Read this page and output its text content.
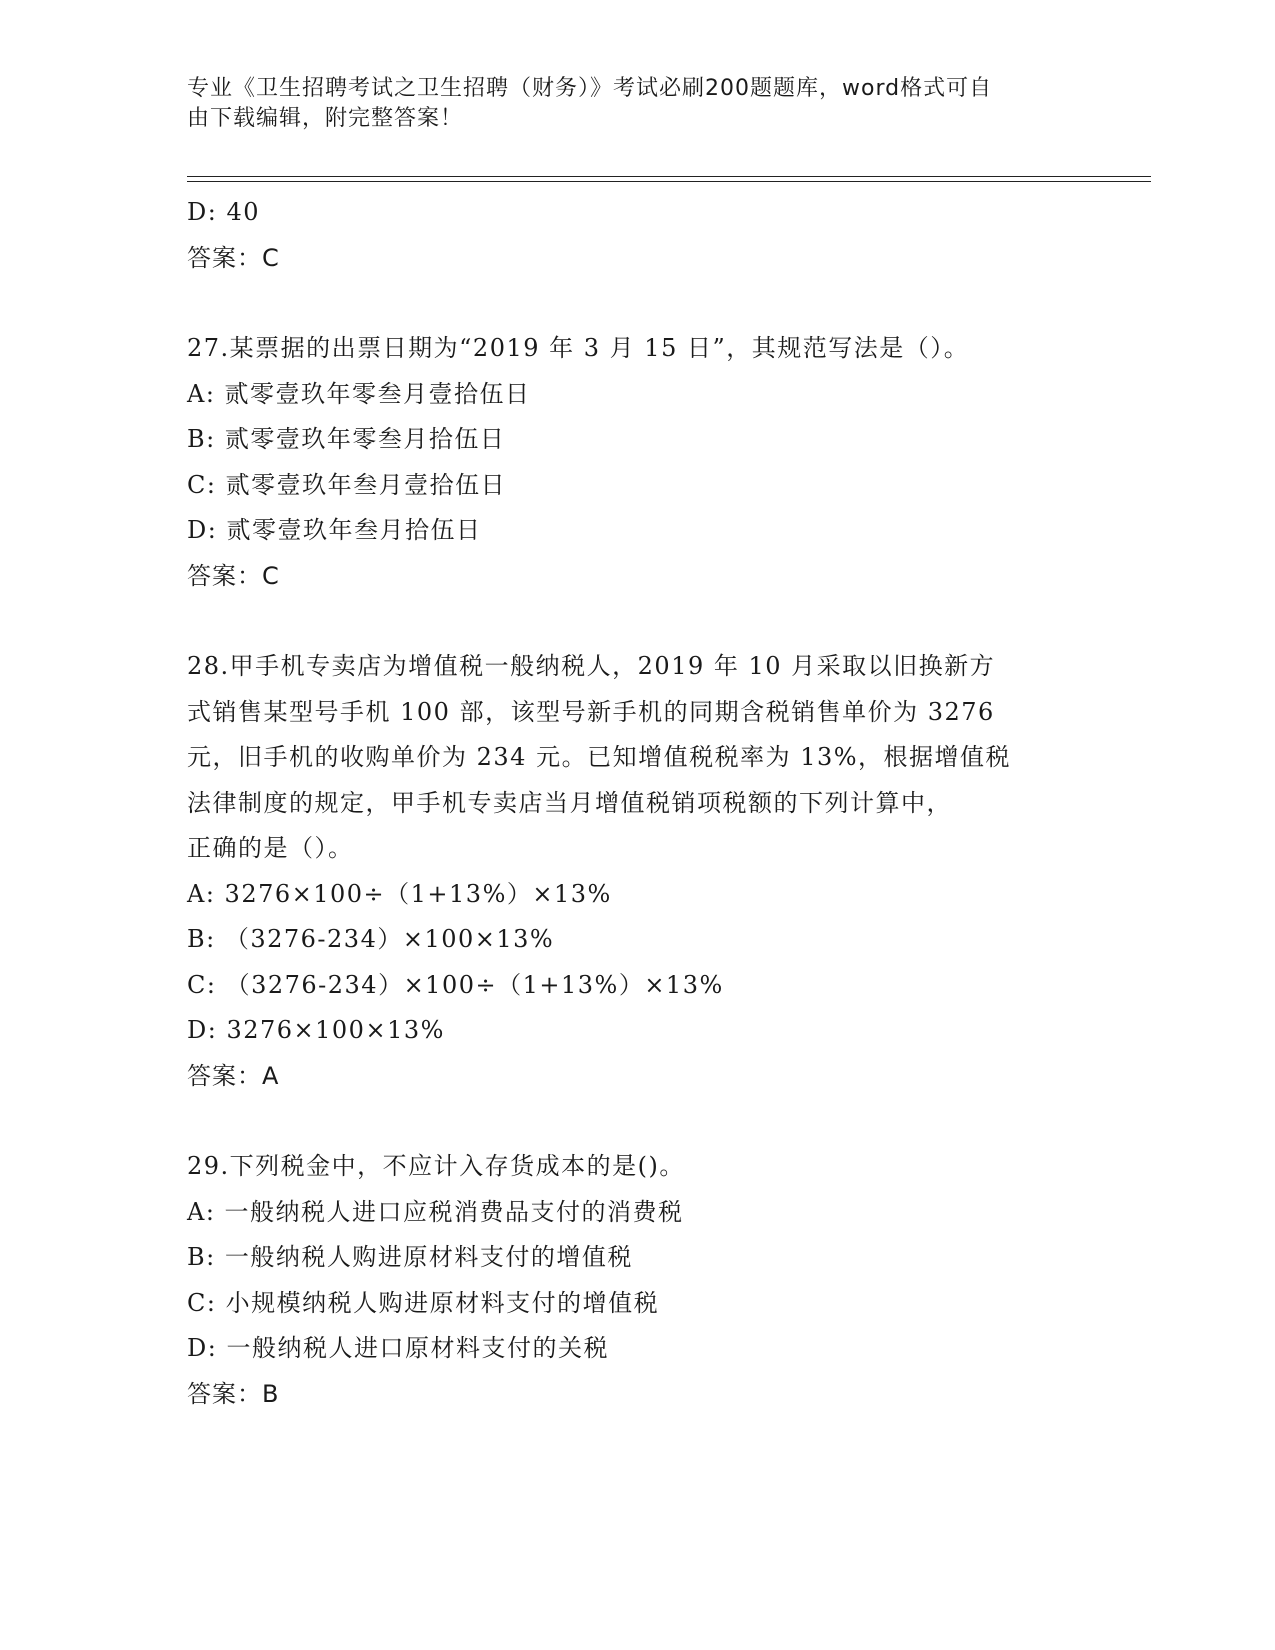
专业《卫生招聘考试之卫生招聘（财务）》考试必刷200题题库，word格式可自
由下载编辑，附完整答案！
D: 40
答案：C
27.某票据的出票日期为“2019 年 3 月 15 日”，其规范写法是（）。
A: 贰零壹玖年零叁月壹拾伍日
B: 贰零壹玖年零叁月拾伍日
C: 贰零壹玖年叁月壹拾伍日
D: 贰零壹玖年叁月拾伍日
答案：C
28.甲手机专卖店为增值税一般纳税人，2019 年 10 月采取以旧换新方
式销售某型号手机 100 部，该型号新手机的同期含税销售单价为 3276
元，旧手机的收购单价为 234 元。已知增值税税率为 13%，根据增值税
法律制度的规定，甲手机专卖店当月增值税销项税额的下列计算中，
正确的是（）。
A: 3276×100÷（1+13%）×13%
B: （3276-234）×100×13%
C: （3276-234）×100÷（1+13%）×13%
D: 3276×100×13%
答案：A
29.下列税金中，不应计入存货成本的是()。
A: 一般纳税人进口应税消费品支付的消费税
B: 一般纳税人购进原材料支付的增值税
C: 小规模纳税人购进原材料支付的增值税
D: 一般纳税人进口原材料支付的关税
答案：B
